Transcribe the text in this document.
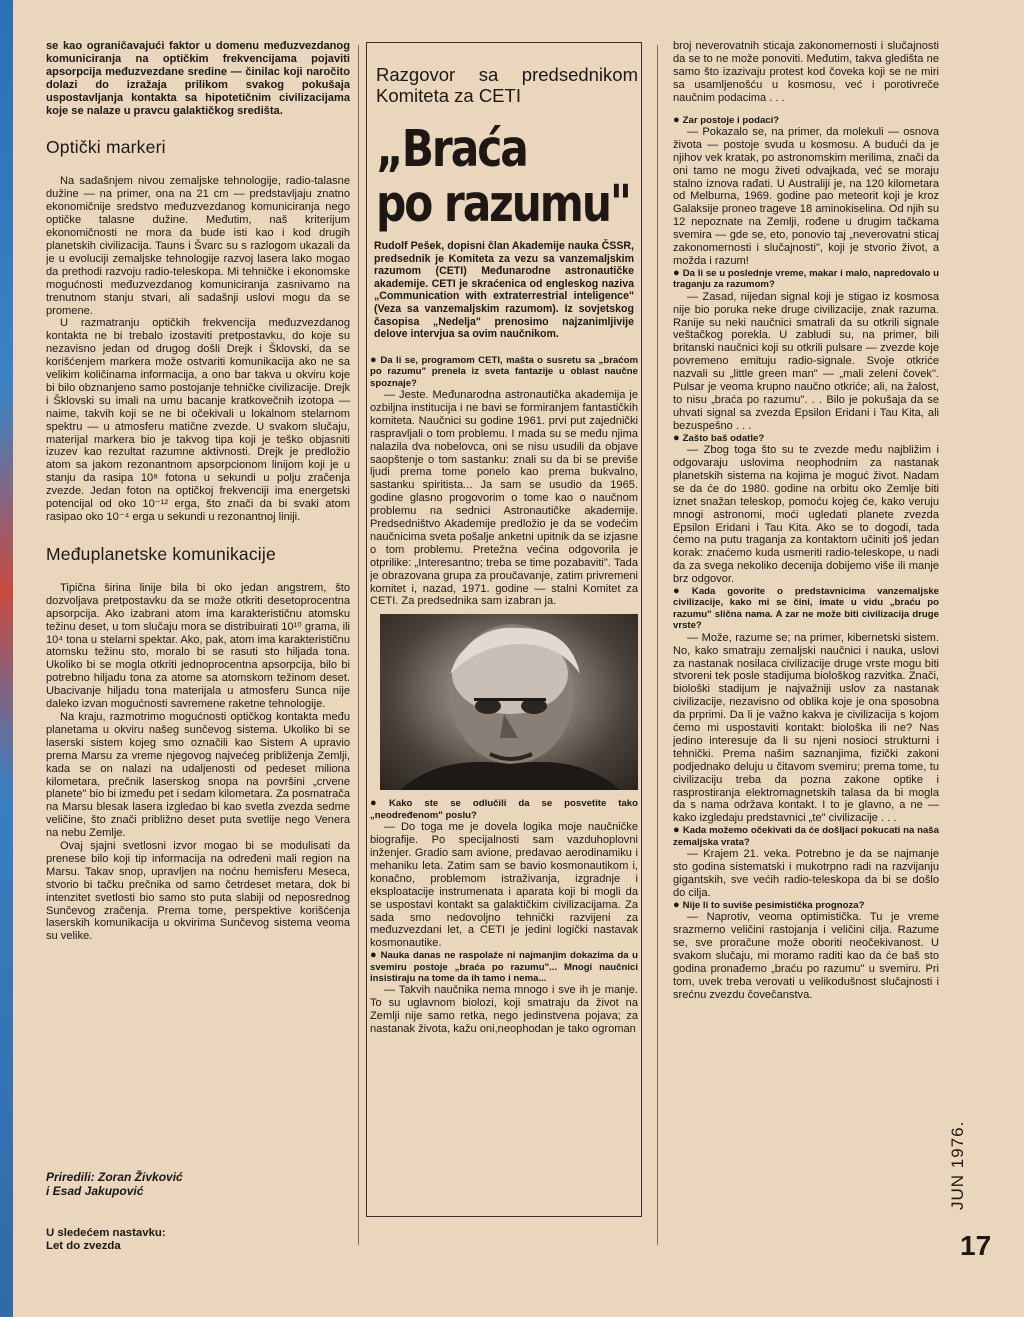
se kao ograničavajući faktor u domenu međuzvezdanog komuniciranja na optičkim frekvencijama pojaviti apsorpcija međuzvezdane sredine — činilac koji naročito dolazi do izražaja prilikom svakog pokušaja uspostavljanja kontakta sa hipotetičnim civilizacijama koje se nalaze u pravcu galaktičkog središta.

Optički markeri

Na sadašnjem nivou zemaljske tehnologije, radio-talasne dužine — na primer, ona na 21 cm — predstavljaju znatno ekonomičnije sredstvo međuzvezdanog komuniciranja nego optičke talasne dužine. Međutim, naš kriterijum ekonomičnosti ne mora da bude isti kao i kod drugih planetskih civilizacija. Tauns i Švarc su s razlogom ukazali da je u evoluciji zemaljske tehnologije razvoj lasera lako mogao da prethodi razvoju radio-teleskopa. Mi tehničke i ekonomske mogućnosti međuzvezdanog komuniciranja zasnivamo na trenutnom stanju stvari, ali sadašnji uslovi mogu da se promene.

U razmatranju optičkih frekvencija međuzvezdanog kontakta ne bi trebalo izostaviti pretpostavku, do koje su nezavisno jedan od drugog došli Drejk i Šklovski, da se korišćenjem markera može ostvariti komunikacija ako ne sa velikim količinama informacija, a ono bar takva u okviru koje bi bilo obznanjeno samo postojanje tehničke civilizacije. Drejk i Šklovski su imali na umu bacanje kratkovečnih izotopa — naime, takvih koji se ne bi očekivali u lokalnom stelarnom spektru — u atmosferu matične zvezde. U svakom slučaju, materijal markera bio je takvog tipa koji je teško objasniti izuzev kao rezultat razumne aktivnosti. Drejk je predložio atom sa jakom rezonantnom apsorpcionom linijom koji je u stanju da rasipa 10⁸ fotona u sekundi u polju zračenja zvezde. Jedan foton na optičkoj frekvenciji ima energetski potencijal od oko 10⁻¹² erga, što znači da bi svaki atom rasipao oko 10⁻⁴ erga u sekundi u rezonantnoj liniji.

Međuplanetske komunikacije

Tipična širina linije bila bi oko jedan angstrem, što dozvoljava pretpostavku da se može otkriti desetoprocentna apsorpcija. Ako izabrani atom ima karakterističnu atomsku težinu deset, u tom slučaju mora se distribuirati 10¹⁰ grama, ili 10⁴ tona u stelarni spektar. Ako, pak, atom ima karakterističnu atomsku težinu sto, moralo bi se rasuti sto hiljada tona. Ukoliko bi se mogla otkriti jednoprocentna apsorpcija, bilo bi potrebno hiljadu tona za atome sa atomskom težinom deset. Ubacivanje hiljadu tona materijala u atmosferu Sunca nije daleko izvan mogućnosti savremene raketne tehnologije.

Na kraju, razmotrimo mogućnosti optičkog kontakta među planetama u okviru našeg sunčevog sistema. Ukoliko bi se laserski sistem kojeg smo označili kao Sistem A upravio prema Marsu za vreme njegovog najvećeg približenja Zemlji, kada se on nalazi na udaljenosti od pedeset miliona kilometara, prečnik laserskog snopa na površini „crvene planete" bio bi između pet i sedam kilometara. Za posmatrača na Marsu blesak lasera izgledao bi kao svetla zvezda sedme veličine, što znači približno deset puta svetlije nego Venera na nebu Zemlje.

Ovaj sjajni svetlosni izvor mogao bi se modulisati da prenese bilo koji tip informacija na određeni mali region na Marsu. Takav snop, upravljen na noćnu hemisferu Meseca, stvorio bi tačku prečnika od samo četrdeset metara, dok bi intenzitet svetlosti bio samo sto puta slabiji od neposrednog Sunčevog zračenja. Prema tome, perspektive korišćenja laserskih komunikacija u okvirima Sunčevog sistema veoma su velike.

Priredili: Zoran Živković
i Esad Jakupović
U sledećem nastavku:
Let do zvezda
Razgovor sa predsednikom Komiteta za CETI
„Braća
po razumu"

Rudolf Pešek, dopisni član Akademije nauka ČSSR, predsednik je Komiteta za vezu sa vanzemaljskim razumom (CETI) Međunarodne astronautičke akademije. CETI je skraćenica od engleskog naziva „Communication with extraterrestrial inteligence" (Veza sa vanzemaljskim razumom). Iz sovjetskog časopisa „Nedelja" prenosimo najzanimljivije delove intervjua sa ovim naučnikom.

● Da li se, programom CETI, mašta o susretu sa „braćom po razumu" prenela iz sveta fantazije u oblast naučne spoznaje?

— Jeste. Međunarodna astronautička akademija je ozbiljna institucija i ne bavi se formiranjem fantastičkih komiteta. Naučnici su godine 1961. prvi put zajednički raspravljali o tom problemu. I mada su se među njima nalazila dva nobelovca, oni se nisu usudili da objave saopštenje o tom sastanku: znali su da bi se previše ljudi prema tome ponelo kao prema bukvalno, sastanku spiritista... Ja sam se usudio da 1965. godine glasno progovorim o tome kao o naučnom problemu na sednici Astronautičke akademije. Predsedništvo Akademije predložio je da se vodećim naučnicima sveta pošalje anketni upitnik da se izjasne o tom problemu. Pretežna većina odgovorila je otprilike: „Interesantno; treba se time pozabaviti". Tada je obrazovana grupa za proučavanje, zatim privremeni komitet i, nazad, 1971. godine — stalni Komitet za CETI. Za predsednika sam izabran ja.

● Kako ste se odlučili da se posvetite tako „neodređenom" poslu?

— Do toga me je dovela logika moje naučničke biografije. Po specijalnosti sam vazduhoplovni inženjer. Gradio sam avione, predavao aerodinamiku i mehaniku leta. Zatim sam se bavio kosmonautikom i, konačno, problemom istraživanja, izgradnje i eksploatacije instrumenata i aparata koji bi mogli da se uspostavi kontakt sa galaktičkim civilizacijama. Za sada smo nedovoljno tehnički razvijeni za međuzvezdani let, a CETI je jedini logički nastavak kosmonautike.

● Nauka danas ne raspolaže ni najmanjim dokazima da u svemiru postoje „braća po razumu"... Mnogi naučnici insistiraju na tome da ih tamo i nema...

— Takvih naučnika nema mnogo i sve ih je manje. To su uglavnom biolozi, koji smatraju da život na Zemlji nije samo retka, nego jedinstvena pojava; za nastanak života, kažu oni,neophodan je tako ogroman

broj neverovatnih sticaja zakonomernosti i slučajnosti da se to ne može ponoviti. Međutim, takva gledišta ne samo što izazivaju protest kod čoveka koji se ne miri sa usamljenošću u kosmosu, već i porotivreče naučnim podacima . . .

● Zar postoje i podaci?

— Pokazalo se, na primer, da molekuli — osnova života — postoje svuda u kosmosu. A budući da je njihov vek kratak, po astronomskim merilima, znači da oni tamo ne mogu živeti odvajkada, već se moraju stalno iznova rađati. U Australiji je, na 120 kilometara od Melburna, 1969. godine pao meteorit koji je kroz Galaksije proneo trageve 18 aminokiselina. Od njih su 12 nepoznate na Zemlji, rođene u drugim tačkama svemira — gde se, eto, ponovio taj „neverovatni sticaj zakonomernosti i slučajnosti", koji je stvorio život, a možda i razum!

● Da li se u poslednje vreme, makar i malo, napredovalo u traganju za razumom?

— Zasad, nijedan signal koji je stigao iz kosmosa nije bio poruka neke druge civilizacije, znak razuma. Ranije su neki naučnici smatrali da su otkrili signale veštačkog porekla. U zabludi su, na primer, bili britanski naučnici koji su otkrili pulsare — zvezde koje povremeno emituju radio-signale. Svoje otkriće nazvali su „little green man" — „mali zeleni čovek". Pulsar je veoma krupno naučno otkriće; ali, na žalost, to nisu „braća po razumu". . . Bilo je pokušaja da se uhvati signal sa zvezda Epsilon Eridani i Tau Kita, ali bezuspešno . . .

● Zašto baš odatle?

— Zbog toga što su te zvezde među najbližim i odgovaraju uslovima neophodnim za nastanak planetskih sistema na kojima je moguć život. Nadam se da će do 1980. godine na orbitu oko Zemlje biti iznet snažan teleskop, pomoću kojeg će, kako veruju mnogi astronomi, moći ugledati planete zvezda Epsilon Eridani i Tau Kita. Ako se to dogodi, tada ćemo na putu traganja za kontaktom učiniti još jedan korak: znaćemo kuda usmeriti radio-teleskope, u nadi da za svega nekoliko decenija dobijemo više ili manje brz odgovor.

● Kada govorite o predstavnicima vanzemaljske civilizacije, kako mi se čini, imate u vidu „braću po razumu" slična nama. A zar ne može biti civilizacija druge vrste?

— Može, razume se; na primer, kibernetski sistem. No, kako smatraju zemaljski naučnici i nauka, uslovi za nastanak nosilaca civilizacije druge vrste mogu biti stvoreni tek posle stadijuma biološkog razvitka. Znači, biološki stadijum je najvažniji uslov za nastanak civilizacije, nezavisno od oblika koje je ona sposobna da prprimi. Da li je važno kakva je civilizacija s kojom ćemo mi uspostaviti kontakt: biološka ili ne? Nas jedino interesuje da li su njeni nosioci strukturni i tehnički. Prema našim saznanjima, fizički zakoni podjednako deluju u čitavom svemiru; prema tome, tu civilizaciju treba da pozna zakone optike i rasprostiranja elektromagnetskih talasa da bi mogla da s nama održava kontakt. I to je glavno, a ne — kako izgledaju predstavnici „te" civilizacije . . .

● Kada možemo očekivati da će došljaci pokucati na našа zemaljska vrata?

— Krajem 21. veka. Potrebno je da se najmanje sto godina sistematski i mukotrpno radi na razvijanju gigantskih, sve većih radio-teleskopa da bi se došlo do cilja.

● Nije li to suviše pesimistička prognoza?

— Naprotiv, veoma optimistička. Tu je vreme srazmerno veličini rastojanja i veličini cilja. Razume se, sve proračune može oboriti neočekivanost. U svakom slučaju, mi moramo raditi kao da će baš sto godina pronađemo „braću po razumu" u svemiru. Pri tom, uvek treba verovati u velikodušnost slučajnosti i srećnu zvezdu čovečanstva.

JUN 1976.
17
